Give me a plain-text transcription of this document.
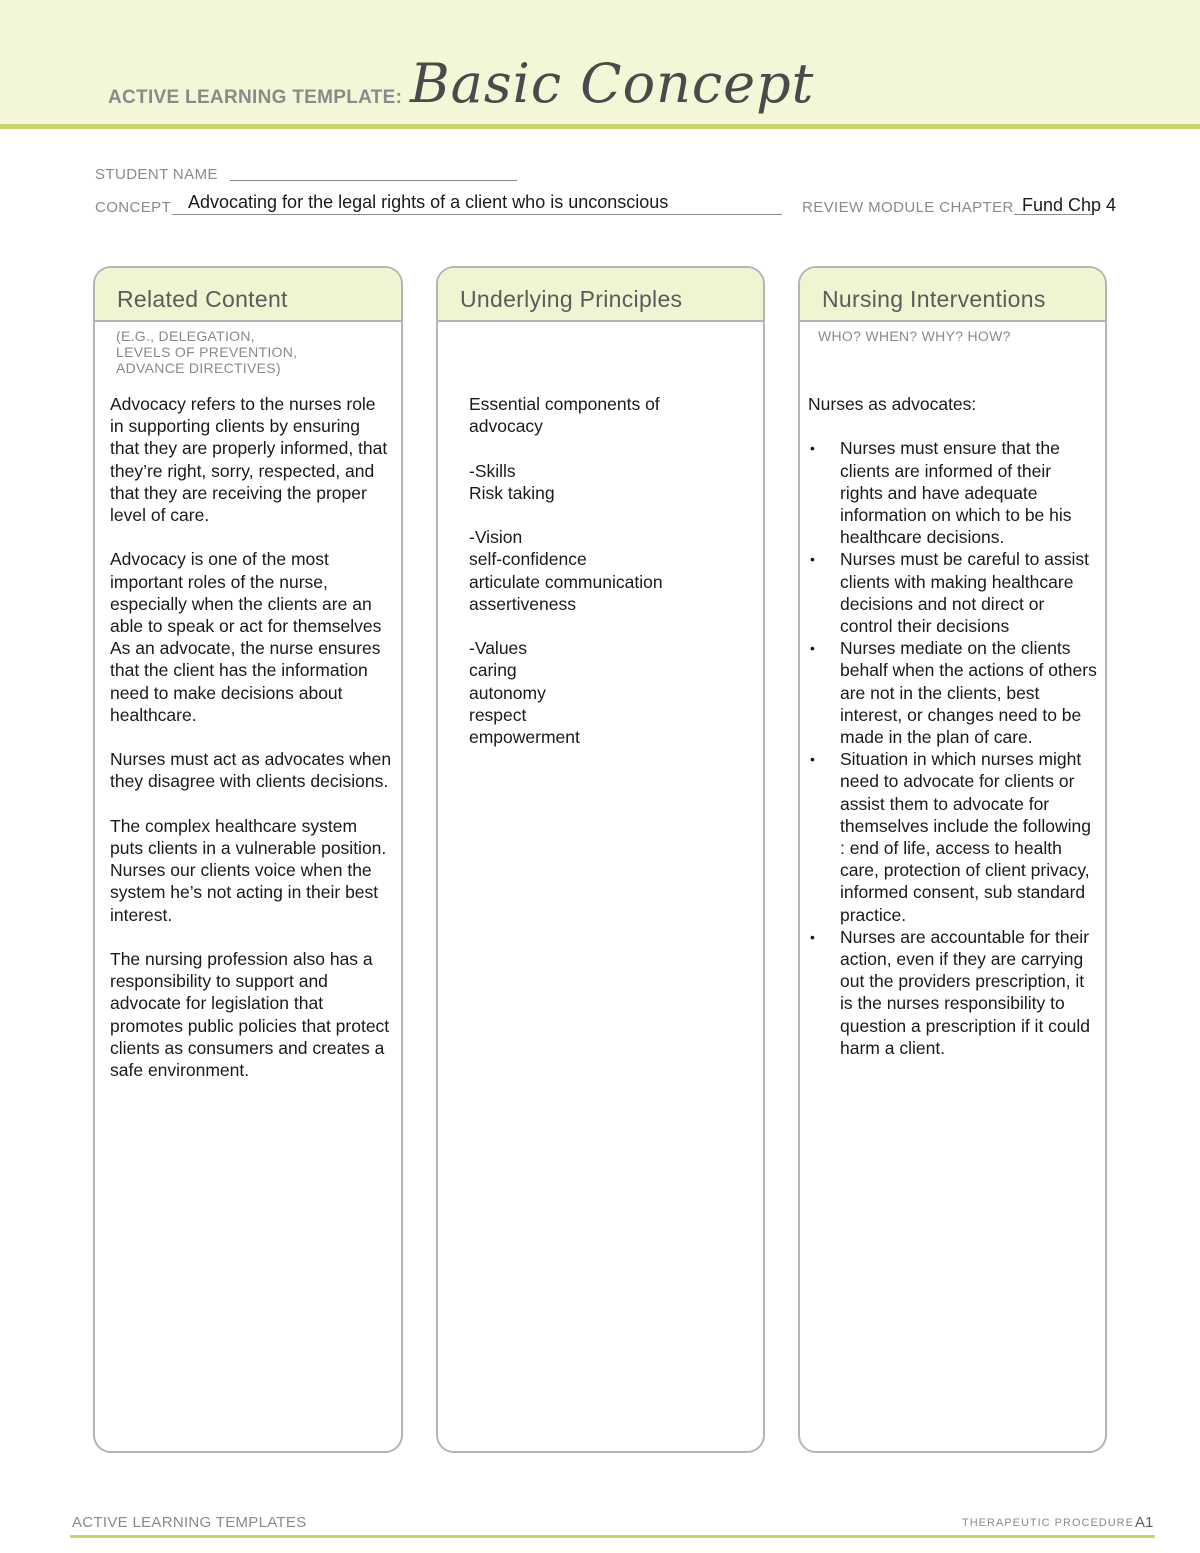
ACTIVE LEARNING TEMPLATE: Basic Concept
STUDENT NAME
CONCEPT Advocating for the legal rights of a client who is unconscious	REVIEW MODULE CHAPTER Fund Chp 4
Related Content
(E.G., DELEGATION,
LEVELS OF PREVENTION,
ADVANCE DIRECTIVES)

Advocacy refers to the nurses role in supporting clients by ensuring that they are properly informed, that they’re right, sorry, respected, and that they are receiving the proper level of care.

Advocacy is one of the most important roles of the nurse, especially when the clients are an able to speak or act for themselves

As an advocate, the nurse ensures that the client has the information need to make decisions about healthcare.

Nurses must act as advocates when they disagree with clients decisions.

The complex healthcare system puts clients in a vulnerable position. Nurses our clients voice when the system he’s not acting in their best interest.

The nursing profession also has a responsibility to support and advocate for legislation that promotes public policies that protect clients as consumers and creates a safe environment.

Underlying Principles

Essential components of

advocacy

-Skills

Risk taking

-Vision

self-confidence

articulate communication

assertiveness

-Values

caring

autonomy

respect

empowerment

Nursing Interventions
WHO? WHEN? WHY? HOW?

Nurses as advocates:

• Nurses must ensure that the clients are informed of their rights and have adequate information on which to be his healthcare decisions.
• Nurses must be careful to assist clients with making healthcare decisions and not direct or control their decisions
• Nurses mediate on the clients behalf when the actions of others are not in the clients, best interest, or changes need to be made in the plan of care.
• Situation in which nurses might need to advocate for clients or assist them to advocate for themselves include the following : end of life, access to health care, protection of client privacy, informed consent, sub standard practice.
• Nurses are accountable for their action, even if they are carrying out the providers prescription, it is the nurses responsibility to question a prescription if it could harm a client.
ACTIVE LEARNING TEMPLATES	THERAPEUTIC PROCEDURE A1
